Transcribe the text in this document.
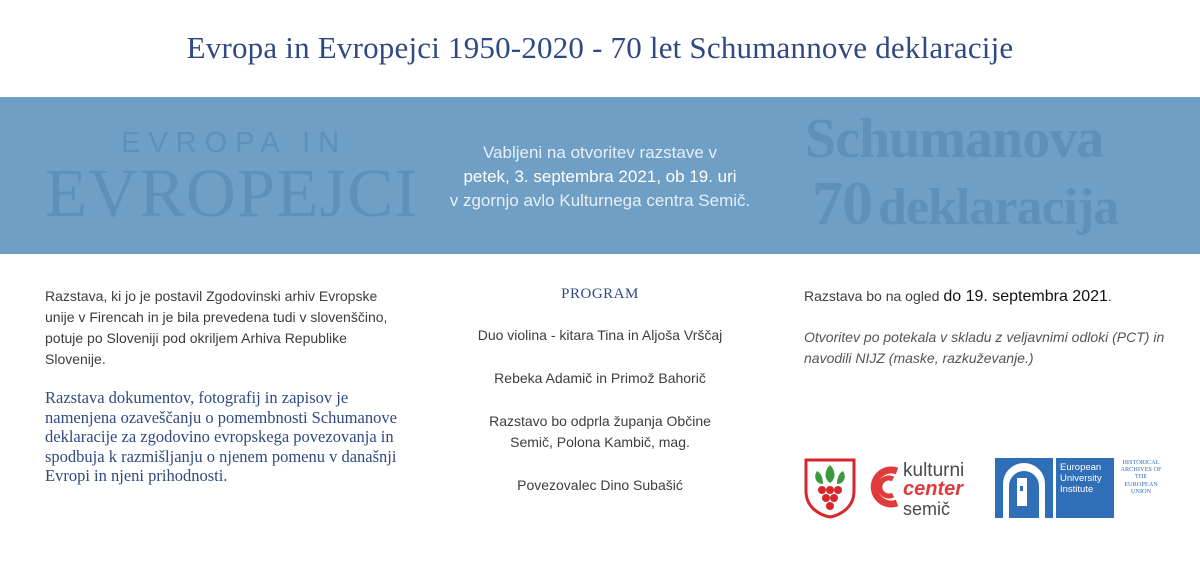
Evropa in Evropejci 1950-2020 - 70 let Schumannove deklaracije
EVROPA IN
EVROPEJCI
Vabljeni na otvoritev razstave v
petek, 3. septembra 2021, ob 19. uri
v zgornjo avlo Kulturnega centra Semič.
Schumanova
70 deklaracija

Razstava, ki jo je postavil Zgodovinski arhiv Evropske unije v Firencah in je bila prevedena tudi v slovenščino, potuje po Sloveniji pod okriljem Arhiva Republike Slovenije.

Razstava dokumentov, fotografij in zapisov je namenjena ozaveščanju o pomembnosti Schumanove deklaracije za zgodovino evropskega povezovanja in spodbuja k razmišljanju o njenem pomenu v današnji Evropi in njeni prihodnosti.

PROGRAM

Duo violina - kitara Tina in Aljoša Vrščaj

Rebeka Adamič in Primož Bahorič

Razstavo bo odprla županja Občine Semič, Polona Kambič, mag.

Povezovalec Dino Subašić

Razstava bo na ogled do 19. septembra 2021.

Otvoritev po potekala v skladu z veljavnimi odloki (PCT) in navodili NIJZ (maske, razkuževanje.)

kulturni
center
semič
European University Institute
HISTORICAL ARCHIVES OF THE EUROPEAN UNION
